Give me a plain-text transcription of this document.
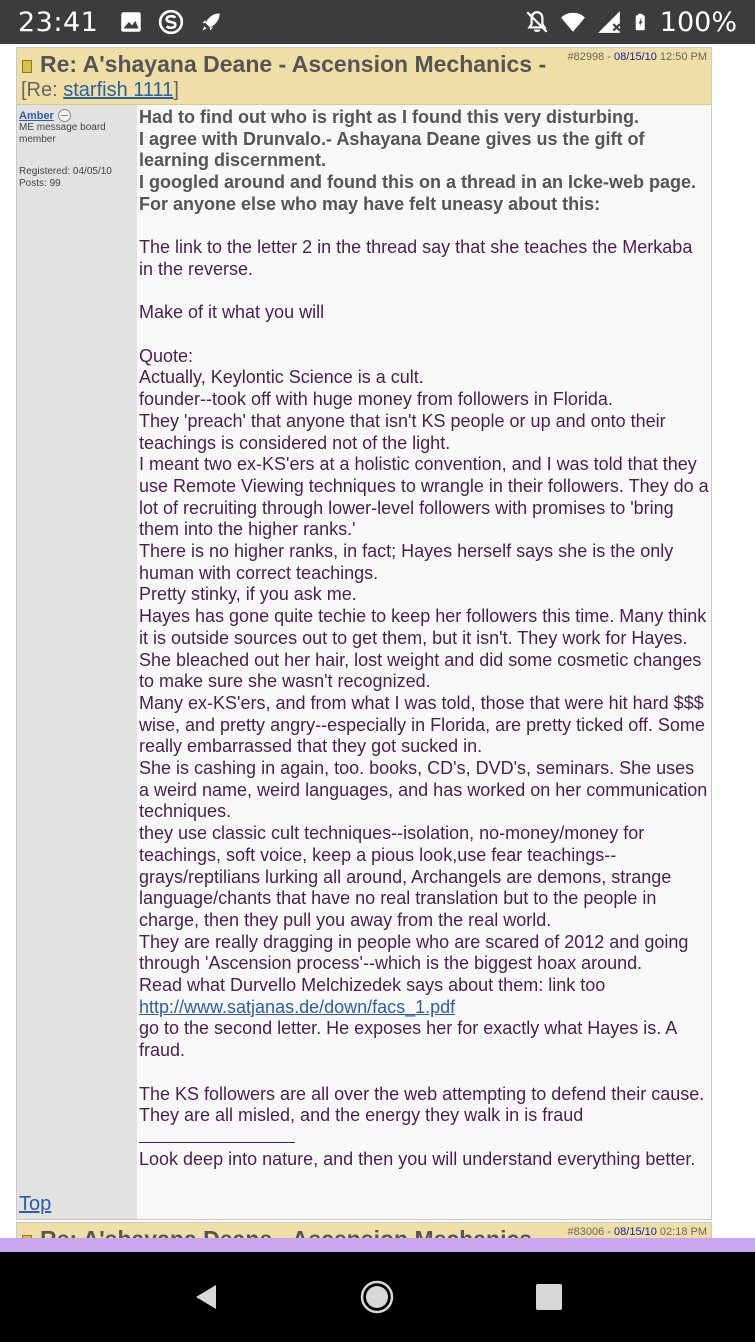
23:41	100%
Re: A'shayana Deane - Ascension Mechanics - #82998 - 08/15/10 12:50 PM
[Re: starfish 1111]
Amber
ME message board member
Registered: 04/05/10
Posts: 99
Top
Had to find out who is right as I found this very disturbing.
I agree with Drunvalo.- Ashayana Deane gives us the gift of learning discernment.
I googled around and found this on a thread in an Icke-web page.
For anyone else who may have felt uneasy about this:
The link to the letter 2 in the thread say that she teaches the Merkaba in the reverse.
Make of it what you will
Quote:
Actually, Keylontic Science is a cult.
founder--took off with huge money from followers in Florida.
They 'preach' that anyone that isn't KS people or up and onto their teachings is considered not of the light.
I meant two ex-KS'ers at a holistic convention, and I was told that they use Remote Viewing techniques to wrangle in their followers. They do a lot of recruiting through lower-level followers with promises to 'bring them into the higher ranks.'
There is no higher ranks, in fact; Hayes herself says she is the only human with correct teachings.
Pretty stinky, if you ask me.
Hayes has gone quite techie to keep her followers this time. Many think it is outside sources out to get them, but it isn't. They work for Hayes.
She bleached out her hair, lost weight and did some cosmetic changes to make sure she wasn't recognized.
Many ex-KS'ers, and from what I was told, those that were hit hard $$$ wise, and pretty angry--especially in Florida, are pretty ticked off. Some really embarrassed that they got sucked in.
She is cashing in again, too. books, CD's, DVD's, seminars. She uses a weird name, weird languages, and has worked on her communication techniques.
they use classic cult techniques--isolation, no-money/money for teachings, soft voice, keep a pious look,use fear teachings--grays/reptilians lurking all around, Archangels are demons, strange language/chants that have no real translation but to the people in charge, then they pull you away from the real world.
They are really dragging in people who are scared of 2012 and going through 'Ascension process'--which is the biggest hoax around.
Read what Durvello Melchizedek says about them: link too
http://www.satjanas.de/down/facs_1.pdf
go to the second letter. He exposes her for exactly what Hayes is. A fraud.
The KS followers are all over the web attempting to defend their cause. They are all misled, and the energy they walk in is fraud
Look deep into nature, and then you will understand everything better.
#83006 - 08/15/10 02:18 PM
